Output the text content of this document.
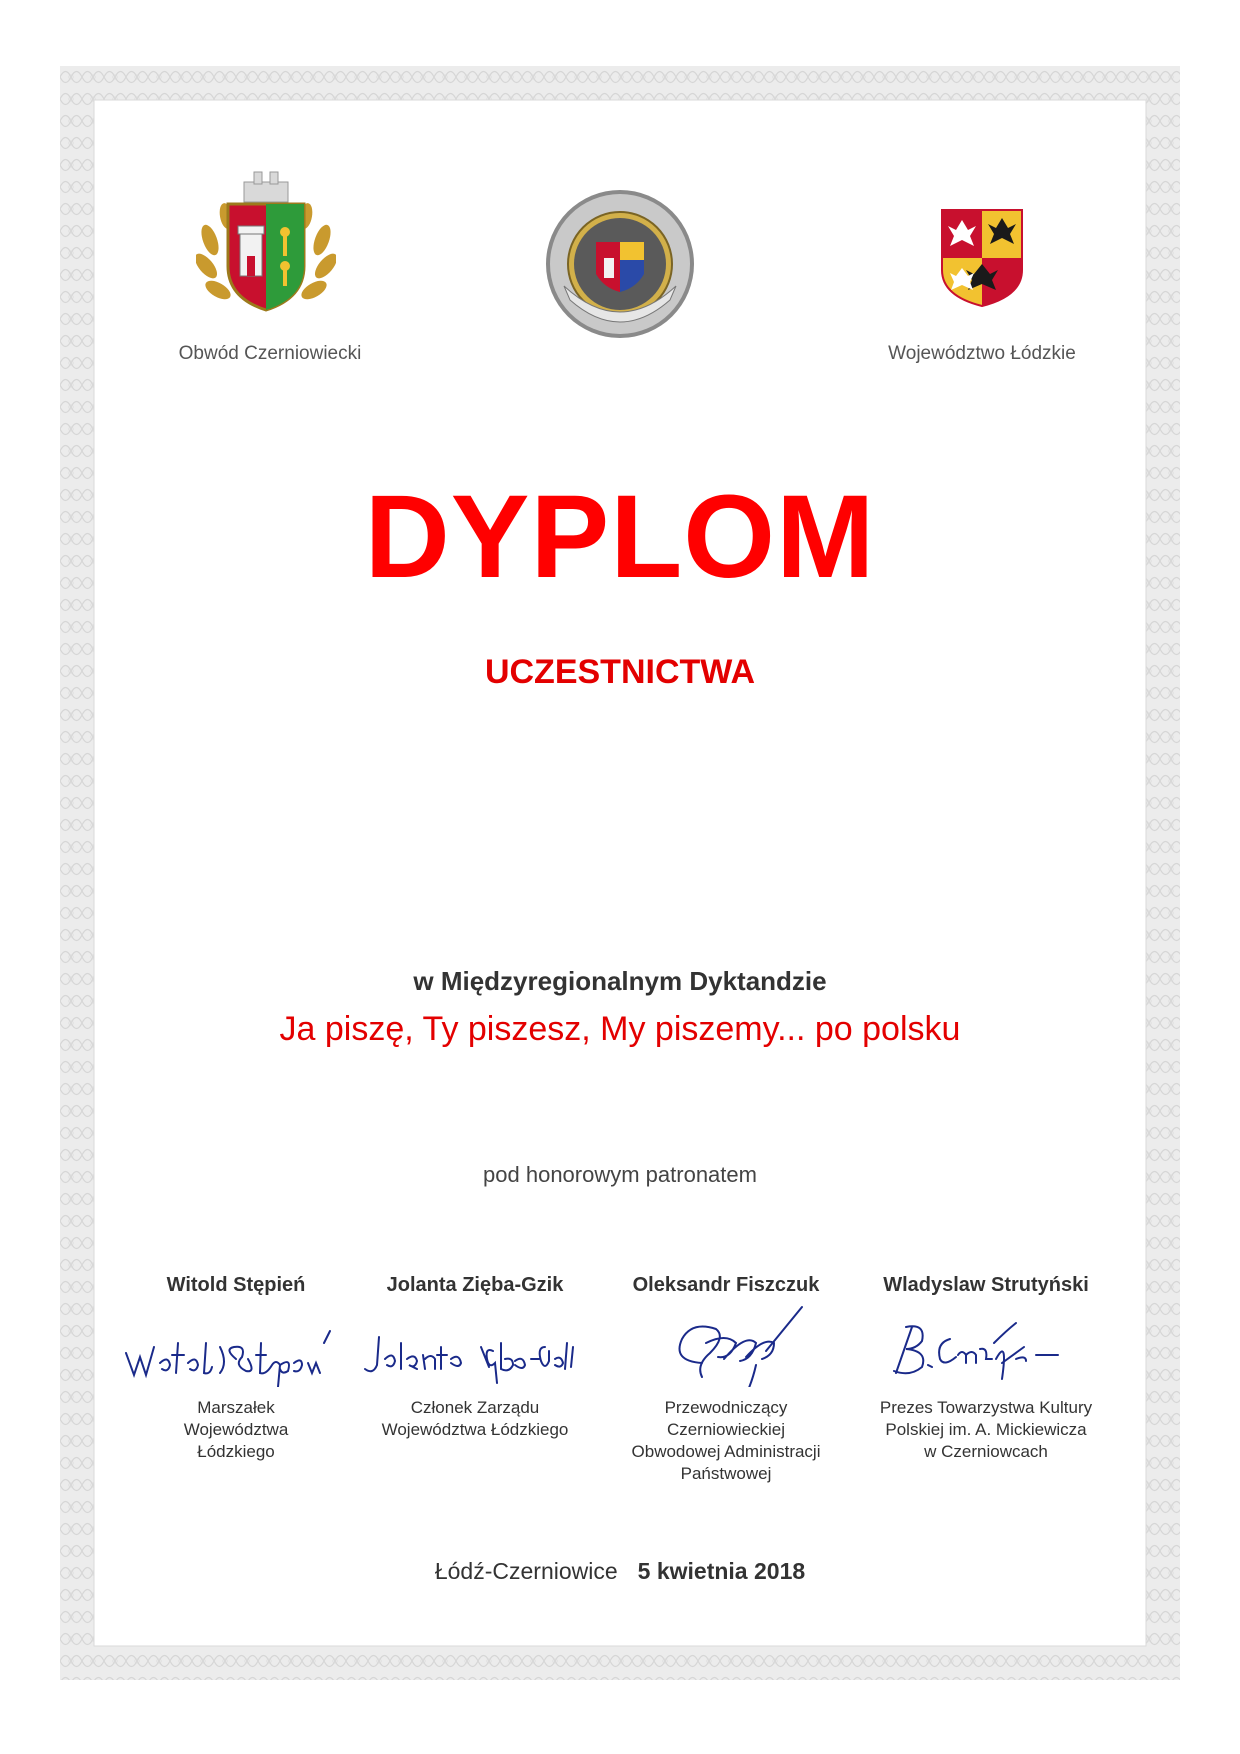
Obwód Czerniowiecki	Województwo Łódzkie
DYPLOM
UCZESTNICTWA
w Międzyregionalnym Dyktandzie
Ja piszę, Ty piszesz, My piszemy... po polsku
pod honorowym patronatem
Witold Stępień
Marszałek
Województwa
Łódzkiego
Jolanta Zięba-Gzik
Członek Zarządu
Województwa Łódzkiego
Oleksandr Fiszczuk
Przewodniczący
Czerniowieckiej
Obwodowej Administracji
Państwowej
Wladyslaw Strutyński
Prezes Towarzystwa Kultury
Polskiej im. A. Mickiewicza
w Czerniowcach
Łódź-Czerniowice 5 kwietnia 2018
